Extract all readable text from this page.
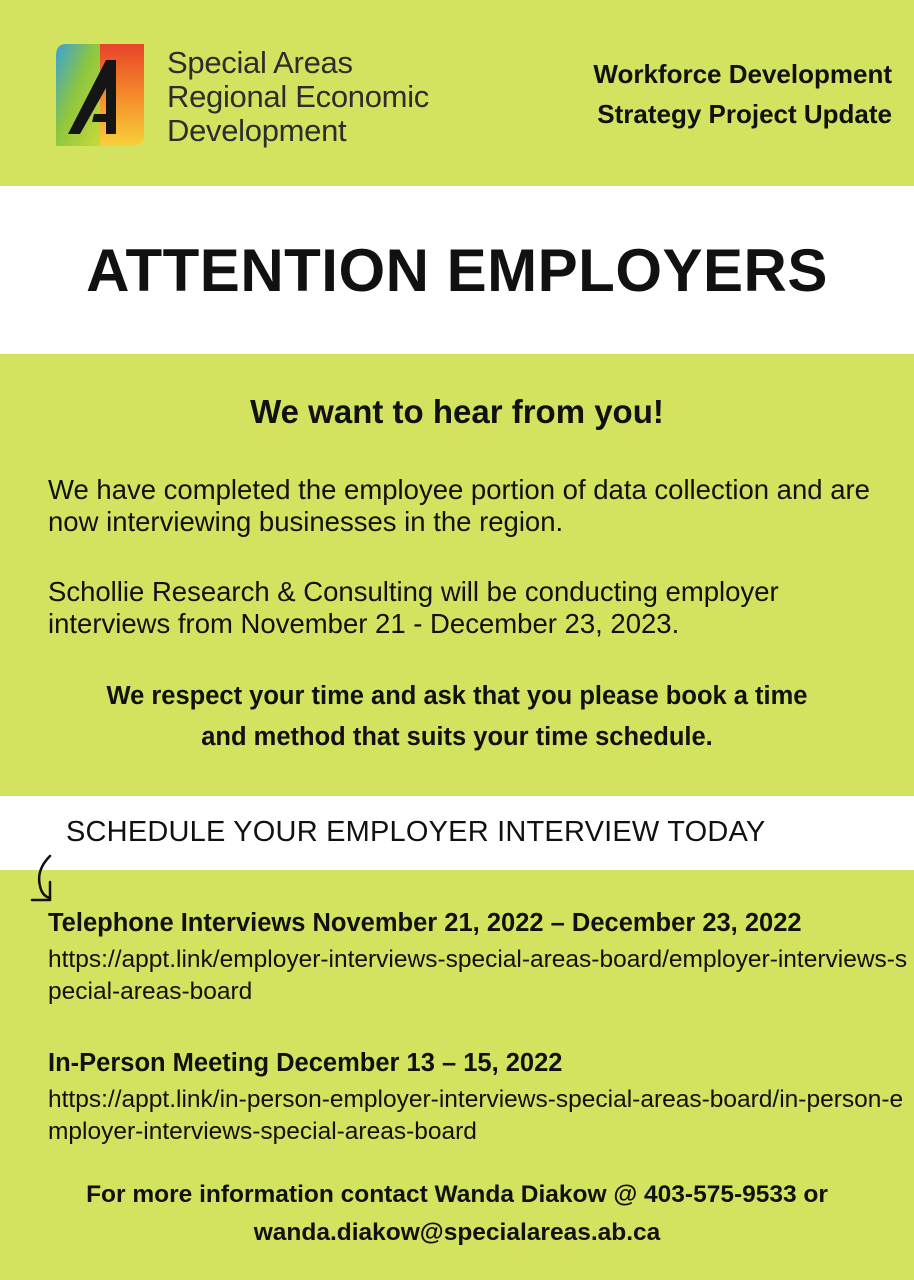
Special Areas
Regional Economic
Development
Workforce Development
Strategy Project Update
ATTENTION EMPLOYERS
We want to hear from you!
We have completed the employee portion of data collection and are now interviewing businesses in the region.
Schollie Research & Consulting will be conducting employer interviews from November 21 - December 23, 2023.
We respect your time and ask that you please book a time
and method that suits your time schedule.
SCHEDULE YOUR EMPLOYER INTERVIEW TODAY
Telephone Interviews November 21, 2022 – December 23, 2022
https://appt.link/employer-interviews-special-areas-board/employer-interviews-special-areas-board
In-Person Meeting December 13 – 15, 2022
https://appt.link/in-person-employer-interviews-special-areas-board/in-person-employer-interviews-special-areas-board
For more information contact Wanda Diakow @ 403-575-9533 or
wanda.diakow@specialareas.ab.ca
